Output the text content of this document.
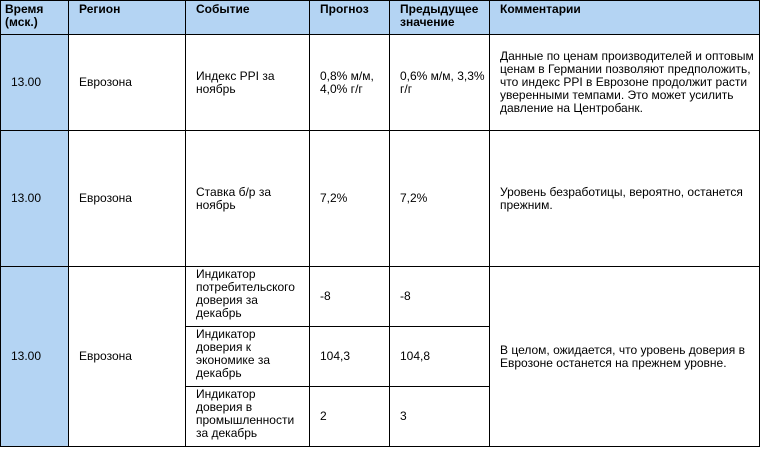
Время (мск.)	Регион	Событие	Прогноз	Предыдущее значение	Комментарии
13.00	Еврозона	Индекс PPI за ноябрь	0,8% м/м, 4,0% г/г	0,6% м/м, 3,3% г/г	Данные по ценам производителей и оптовым ценам в Германии позволяют предположить, что индекс PPI в Еврозоне продолжит расти уверенными темпами. Это может усилить давление на Центробанк.
13.00	Еврозона	Ставка б/р за ноябрь	7,2%	7,2%	Уровень безработицы, вероятно, останется прежним.
13.00	Еврозона	Индикатор потребительского доверия за декабрь	-8	-8	В целом, ожидается, что уровень доверия в Еврозоне останется на прежнем уровне.
		Индикатор доверия к экономике за декабрь	104,3	104,8	
		Индикатор доверия в промышленности за декабрь	2	3	
